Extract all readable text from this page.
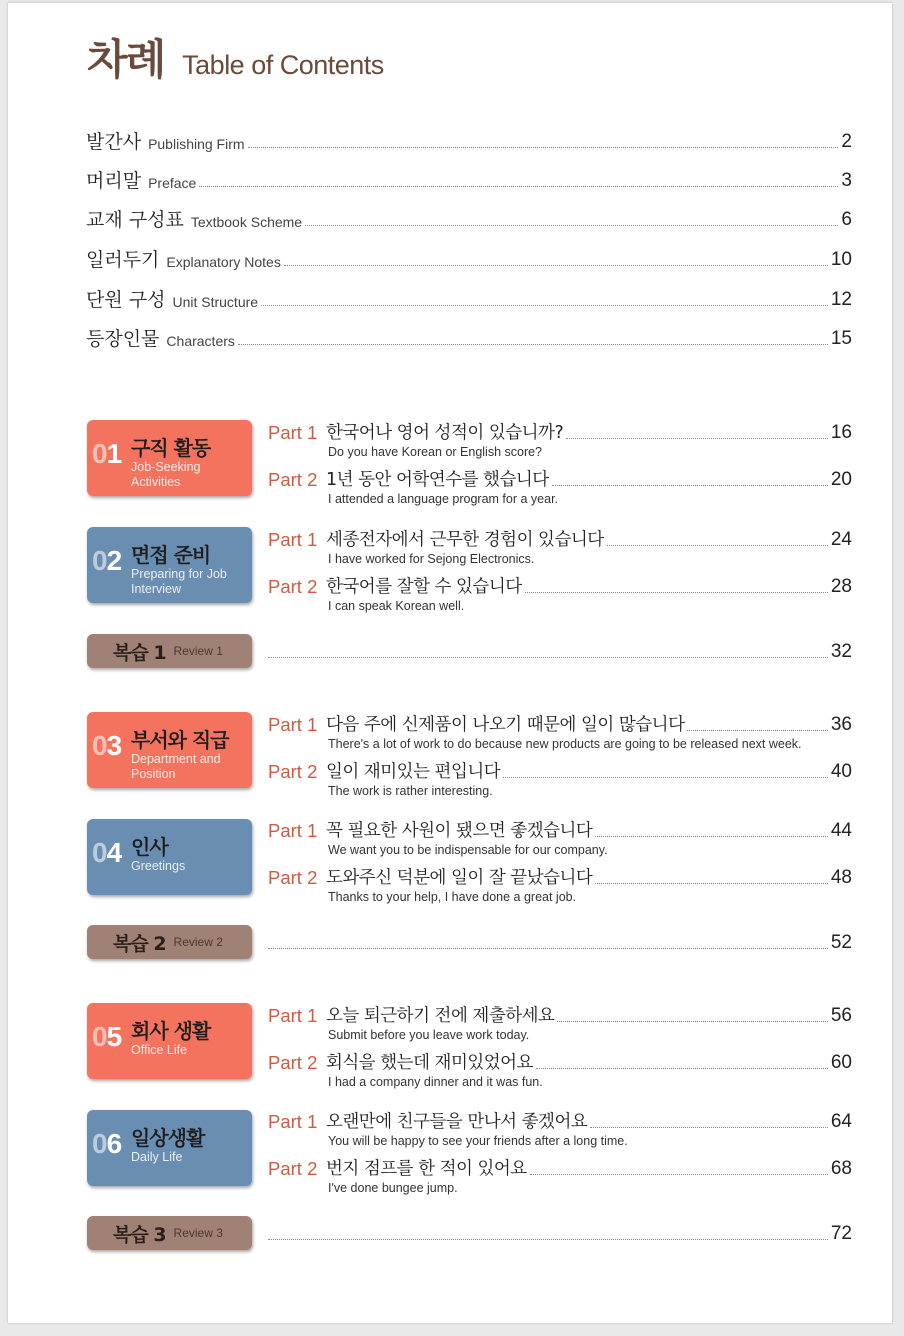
차례 Table of Contents
발간사 Publishing Firm	2
머리말 Preface	3
교재 구성표 Textbook Scheme	6
일러두기 Explanatory Notes	10
단원 구성 Unit Structure	12
등장인물 Characters	15
01 구직 활동
Job-Seeking Activities
Part 1 한국어나 영어 성적이 있습니까?	16
Do you have Korean or English score?
Part 2 1년 동안 어학연수를 했습니다	20
I attended a language program for a year.
02 면접 준비
Preparing for Job Interview
Part 1 세종전자에서 근무한 경험이 있습니다	24
I have worked for Sejong Electronics.
Part 2 한국어를 잘할 수 있습니다	28
I can speak Korean well.
복습 1 Review 1	32
03 부서와 직급
Department and Position
Part 1 다음 주에 신제품이 나오기 때문에 일이 많습니다	36
There's a lot of work to do because new products are going to be released next week.
Part 2 일이 재미있는 편입니다	40
The work is rather interesting.
04 인사
Greetings
Part 1 꼭 필요한 사원이 됐으면 좋겠습니다	44
We want you to be indispensable for our company.
Part 2 도와주신 덕분에 일이 잘 끝났습니다	48
Thanks to your help, I have done a great job.
복습 2 Review 2	52
05 회사 생활
Office Life
Part 1 오늘 퇴근하기 전에 제출하세요	56
Submit before you leave work today.
Part 2 회식을 했는데 재미있었어요	60
I had a company dinner and it was fun.
06 일상생활
Daily Life
Part 1 오랜만에 친구들을 만나서 좋겠어요	64
You will be happy to see your friends after a long time.
Part 2 번지 점프를 한 적이 있어요	68
I've done bungee jump.
복습 3 Review 3	72
